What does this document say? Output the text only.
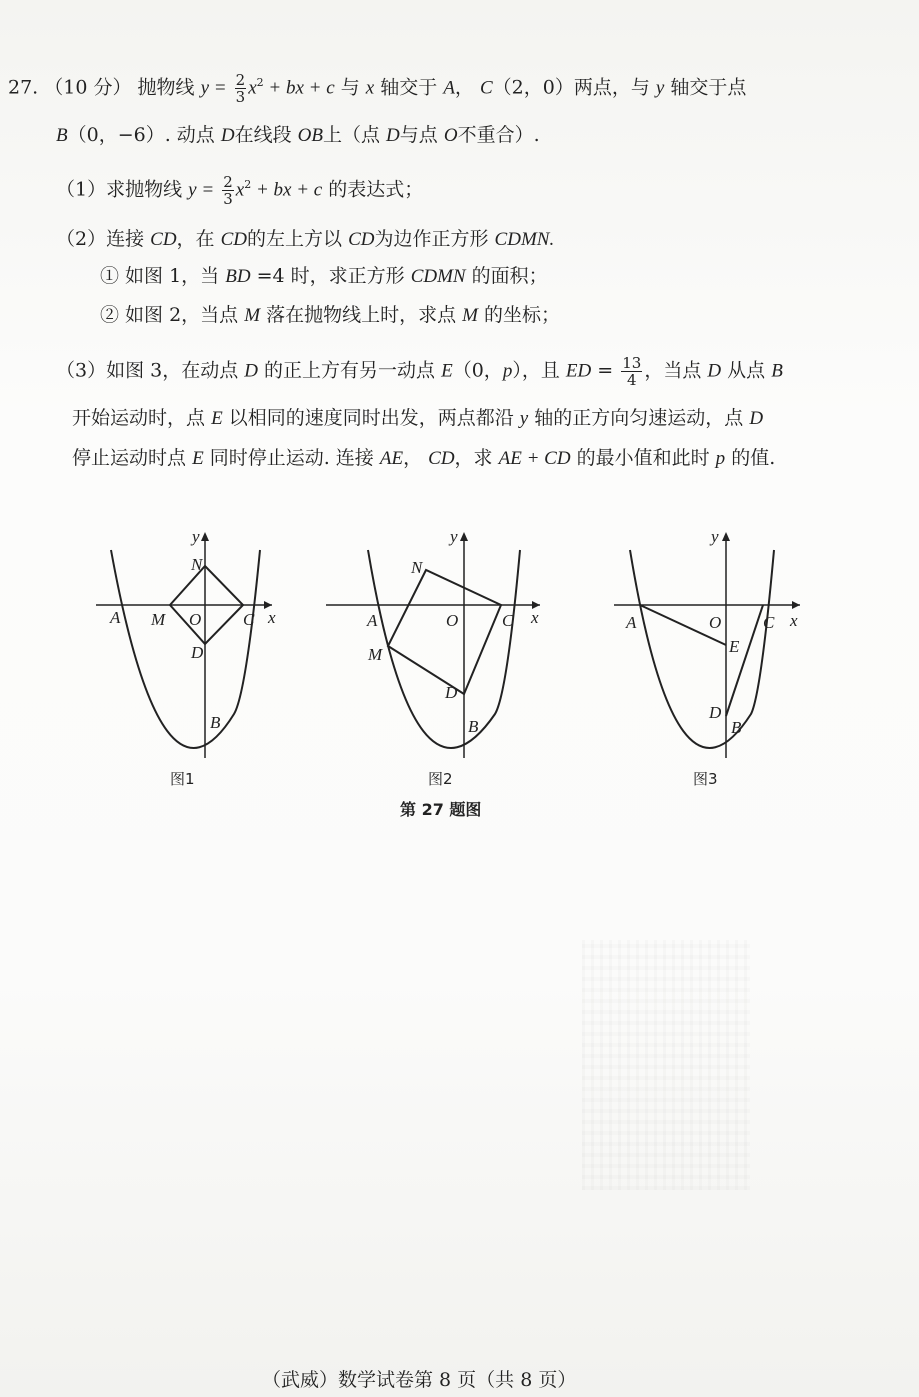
27. （10 分） 抛物线 $y = \frac{2}{3} x^2$ + bx + c 与 x 轴交于 A， C（2，0）两点，与 y 轴交于点
B（0，−6）. 动点 D在线段 OB上（点 D与点 O不重合）.
（1）求抛物线 $y = \frac{2}{3} x^2$ + bx + c 的表达式；
（2）连接 CD，在 CD的左上方以 CD为边作正方形 CDMN.
① 如图 1，当 BD =4 时，求正方形 CDMN 的面积；
② 如图 2，当点 M 落在抛物线上时，求点 M 的坐标；
（3）如图 3，在动点 D 的正上方有另一动点 E（0，p），且 ED = $\frac{13}{4}$ ，当点 D 从点 B
开始运动时，点 E 以相同的速度同时出发，两点都沿 y 轴的正方向匀速运动，点 D
停止运动时点 E 同时停止运动. 连接 AE， CD，求 AE + CD 的最小值和此时 p 的值.
y
x
A M O C
N
D
B
y
x
A	O	C
N
M
D
B
y
x
A	O C
E
D
B
图1	图2	图3
第 27 题图
（武威）数学试卷第 8 页（共 8 页）
